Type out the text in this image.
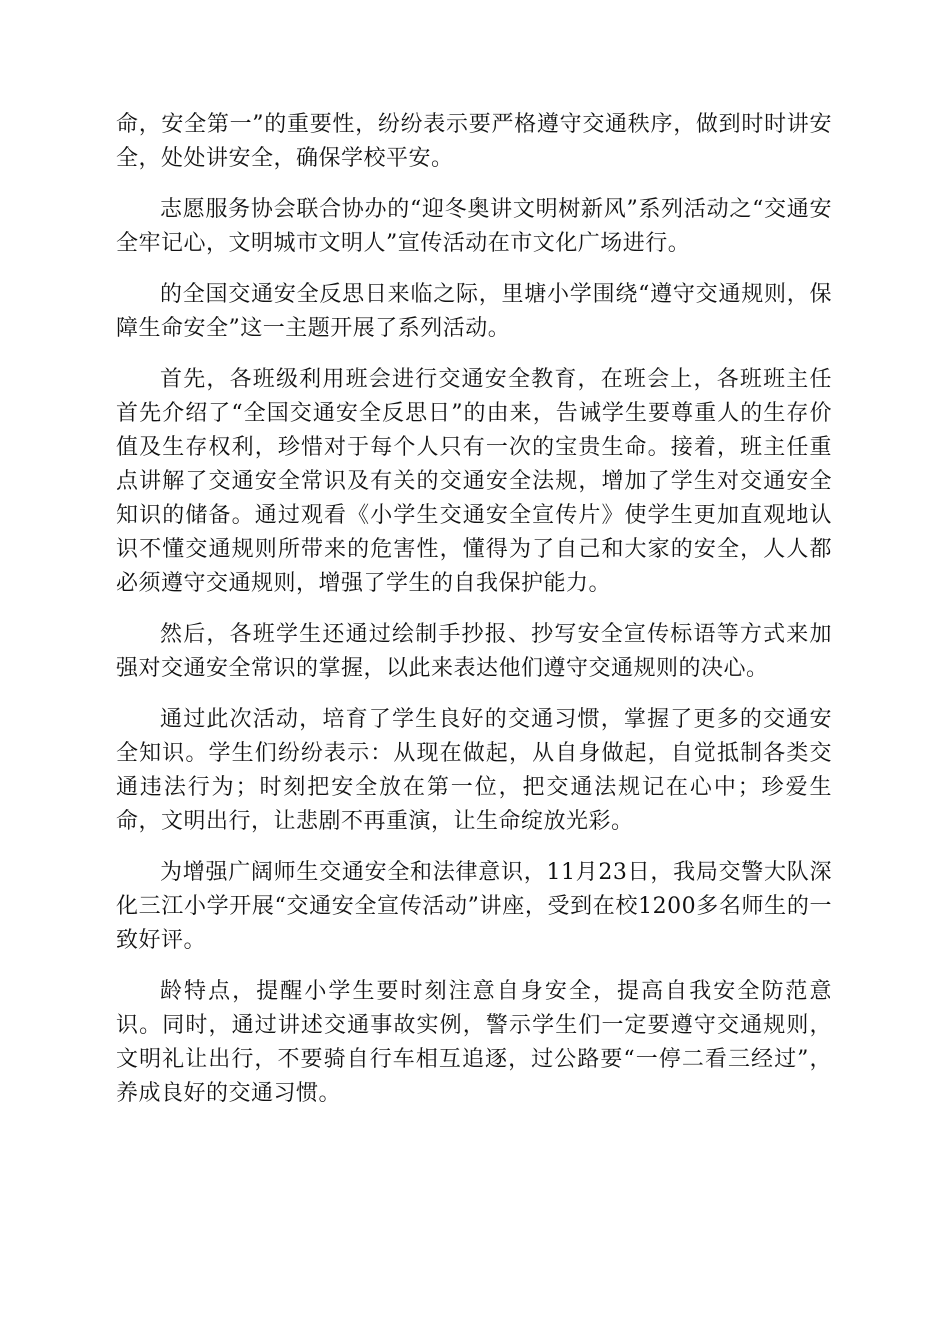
命，安全第一”的重要性，纷纷表示要严格遵守交通秩序，做到时时讲安全，处处讲安全，确保学校平安。

志愿服务协会联合协办的“迎冬奥讲文明树新风”系列活动之“交通安全牢记心，文明城市文明人”宣传活动在市文化广场进行。

的全国交通安全反思日来临之际，里塘小学围绕“遵守交通规则，保障生命安全”这一主题开展了系列活动。

首先，各班级利用班会进行交通安全教育，在班会上，各班班主任首先介绍了“全国交通安全反思日”的由来，告诫学生要尊重人的生存价值及生存权利，珍惜对于每个人只有一次的宝贵生命。接着，班主任重点讲解了交通安全常识及有关的交通安全法规，增加了学生对交通安全知识的储备。通过观看《小学生交通安全宣传片》使学生更加直观地认识不懂交通规则所带来的危害性，懂得为了自己和大家的安全，人人都必须遵守交通规则，增强了学生的自我保护能力。

然后，各班学生还通过绘制手抄报、抄写安全宣传标语等方式来加强对交通安全常识的掌握，以此来表达他们遵守交通规则的决心。

通过此次活动，培育了学生良好的交通习惯，掌握了更多的交通安全知识。学生们纷纷表示：从现在做起，从自身做起，自觉抵制各类交通违法行为；时刻把安全放在第一位，把交通法规记在心中；珍爱生命，文明出行，让悲剧不再重演，让生命绽放光彩。

为增强广阔师生交通安全和法律意识，11月23日，我局交警大队深化三江小学开展“交通安全宣传活动”讲座，受到在校1200多名师生的一致好评。

龄特点，提醒小学生要时刻注意自身安全，提高自我安全防范意识。同时，通过讲述交通事故实例，警示学生们一定要遵守交通规则，文明礼让出行，不要骑自行车相互追逐，过公路要“一停二看三经过”，养成良好的交通习惯。
